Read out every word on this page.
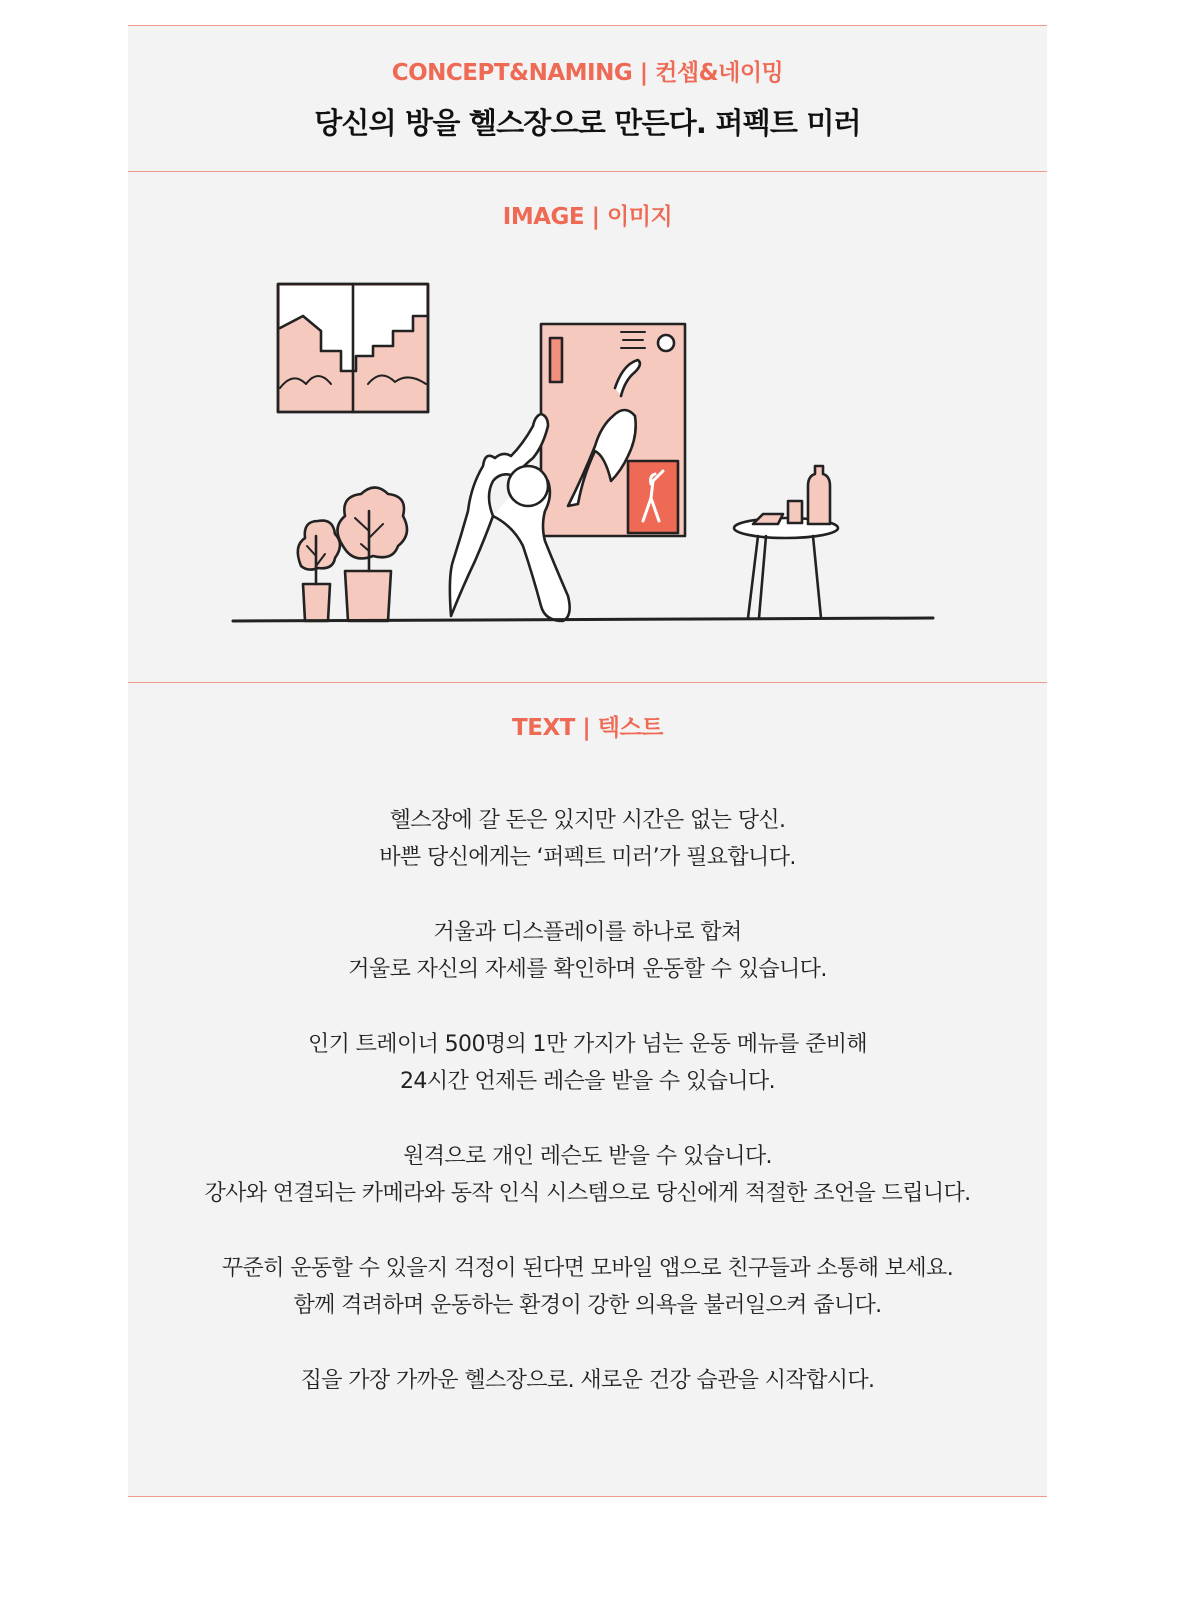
CONCEPT&NAMING | 컨셉&네이밍
당신의 방을 헬스장으로 만든다. 퍼펙트 미러
IMAGE | 이미지
TEXT | 텍스트
헬스장에 갈 돈은 있지만 시간은 없는 당신.
바쁜 당신에게는 ‘퍼펙트 미러’가 필요합니다.
거울과 디스플레이를 하나로 합쳐
거울로 자신의 자세를 확인하며 운동할 수 있습니다.
인기 트레이너 500명의 1만 가지가 넘는 운동 메뉴를 준비해
24시간 언제든 레슨을 받을 수 있습니다.
원격으로 개인 레슨도 받을 수 있습니다.
강사와 연결되는 카메라와 동작 인식 시스템으로 당신에게 적절한 조언을 드립니다.
꾸준히 운동할 수 있을지 걱정이 된다면 모바일 앱으로 친구들과 소통해 보세요.
함께 격려하며 운동하는 환경이 강한 의욕을 불러일으켜 줍니다.
집을 가장 가까운 헬스장으로. 새로운 건강 습관을 시작합시다.
